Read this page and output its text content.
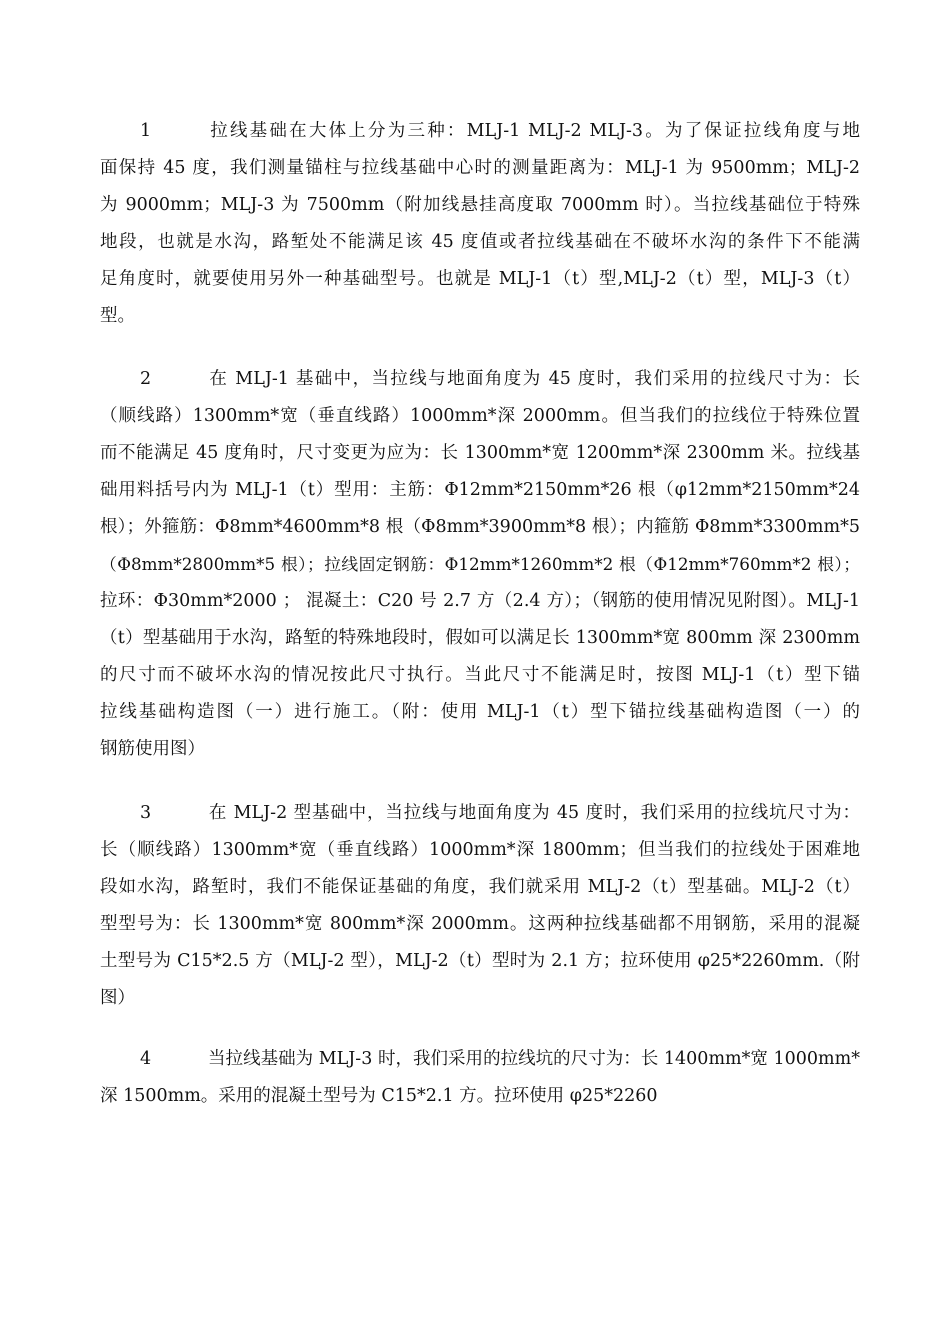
1	拉线基础在大体上分为三种：MLJ-1 MLJ-2 MLJ-3。为了保证拉线角度与地
面保持 45 度，我们测量锚柱与拉线基础中心时的测量距离为：MLJ-1 为 9500mm；MLJ-2
为 9000mm；MLJ-3 为 7500mm（附加线悬挂高度取 7000mm 时）。当拉线基础位于特殊
地段，也就是水沟，路堑处不能满足该 45 度值或者拉线基础在不破坏水沟的条件下不能满
足角度时，就要使用另外一种基础型号。也就是 MLJ-1（t）型,MLJ-2（t）型，MLJ-3（t）
型。
2	在 MLJ-1 基础中，当拉线与地面角度为 45 度时，我们采用的拉线尺寸为：长
（顺线路）1300mm*宽（垂直线路）1000mm*深 2000mm。但当我们的拉线位于特殊位置
而不能满足 45 度角时，尺寸变更为应为：长 1300mm*宽 1200mm*深 2300mm 米。拉线基
础用料括号内为 MLJ-1（t）型用：主筋：Φ12mm*2150mm*26 根（φ12mm*2150mm*24
根）；外箍筋：Φ8mm*4600mm*8 根（Φ8mm*3900mm*8 根）；内箍筋 Φ8mm*3300mm*5
（Φ8mm*2800mm*5 根）；拉线固定钢筋：Φ12mm*1260mm*2 根（Φ12mm*760mm*2 根）；
拉环：Φ30mm*2000 ； 混凝土：C20 号 2.7 方（2.4 方）；（钢筋的使用情况见附图）。MLJ-1
（t）型基础用于水沟，路堑的特殊地段时，假如可以满足长 1300mm*宽 800mm 深 2300mm
的尺寸而不破坏水沟的情况按此尺寸执行。当此尺寸不能满足时，按图 MLJ-1（t）型下锚
拉线基础构造图（一）进行施工。（附：使用 MLJ-1（t）型下锚拉线基础构造图（一）的
钢筋使用图）
3	在 MLJ-2 型基础中，当拉线与地面角度为 45 度时，我们采用的拉线坑尺寸为：
长（顺线路）1300mm*宽（垂直线路）1000mm*深 1800mm；但当我们的拉线处于困难地
段如水沟，路堑时，我们不能保证基础的角度，我们就采用 MLJ-2（t）型基础。MLJ-2（t）
型型号为：长 1300mm*宽 800mm*深 2000mm。这两种拉线基础都不用钢筋，采用的混凝
土型号为 C15*2.5 方（MLJ-2 型），MLJ-2（t）型时为 2.1 方；拉环使用 φ25*2260mm.（附
图）
4	当拉线基础为 MLJ-3 时，我们采用的拉线坑的尺寸为：长 1400mm*宽 1000mm*
深 1500mm。采用的混凝土型号为 C15*2.1 方。拉环使用 φ25*2260
